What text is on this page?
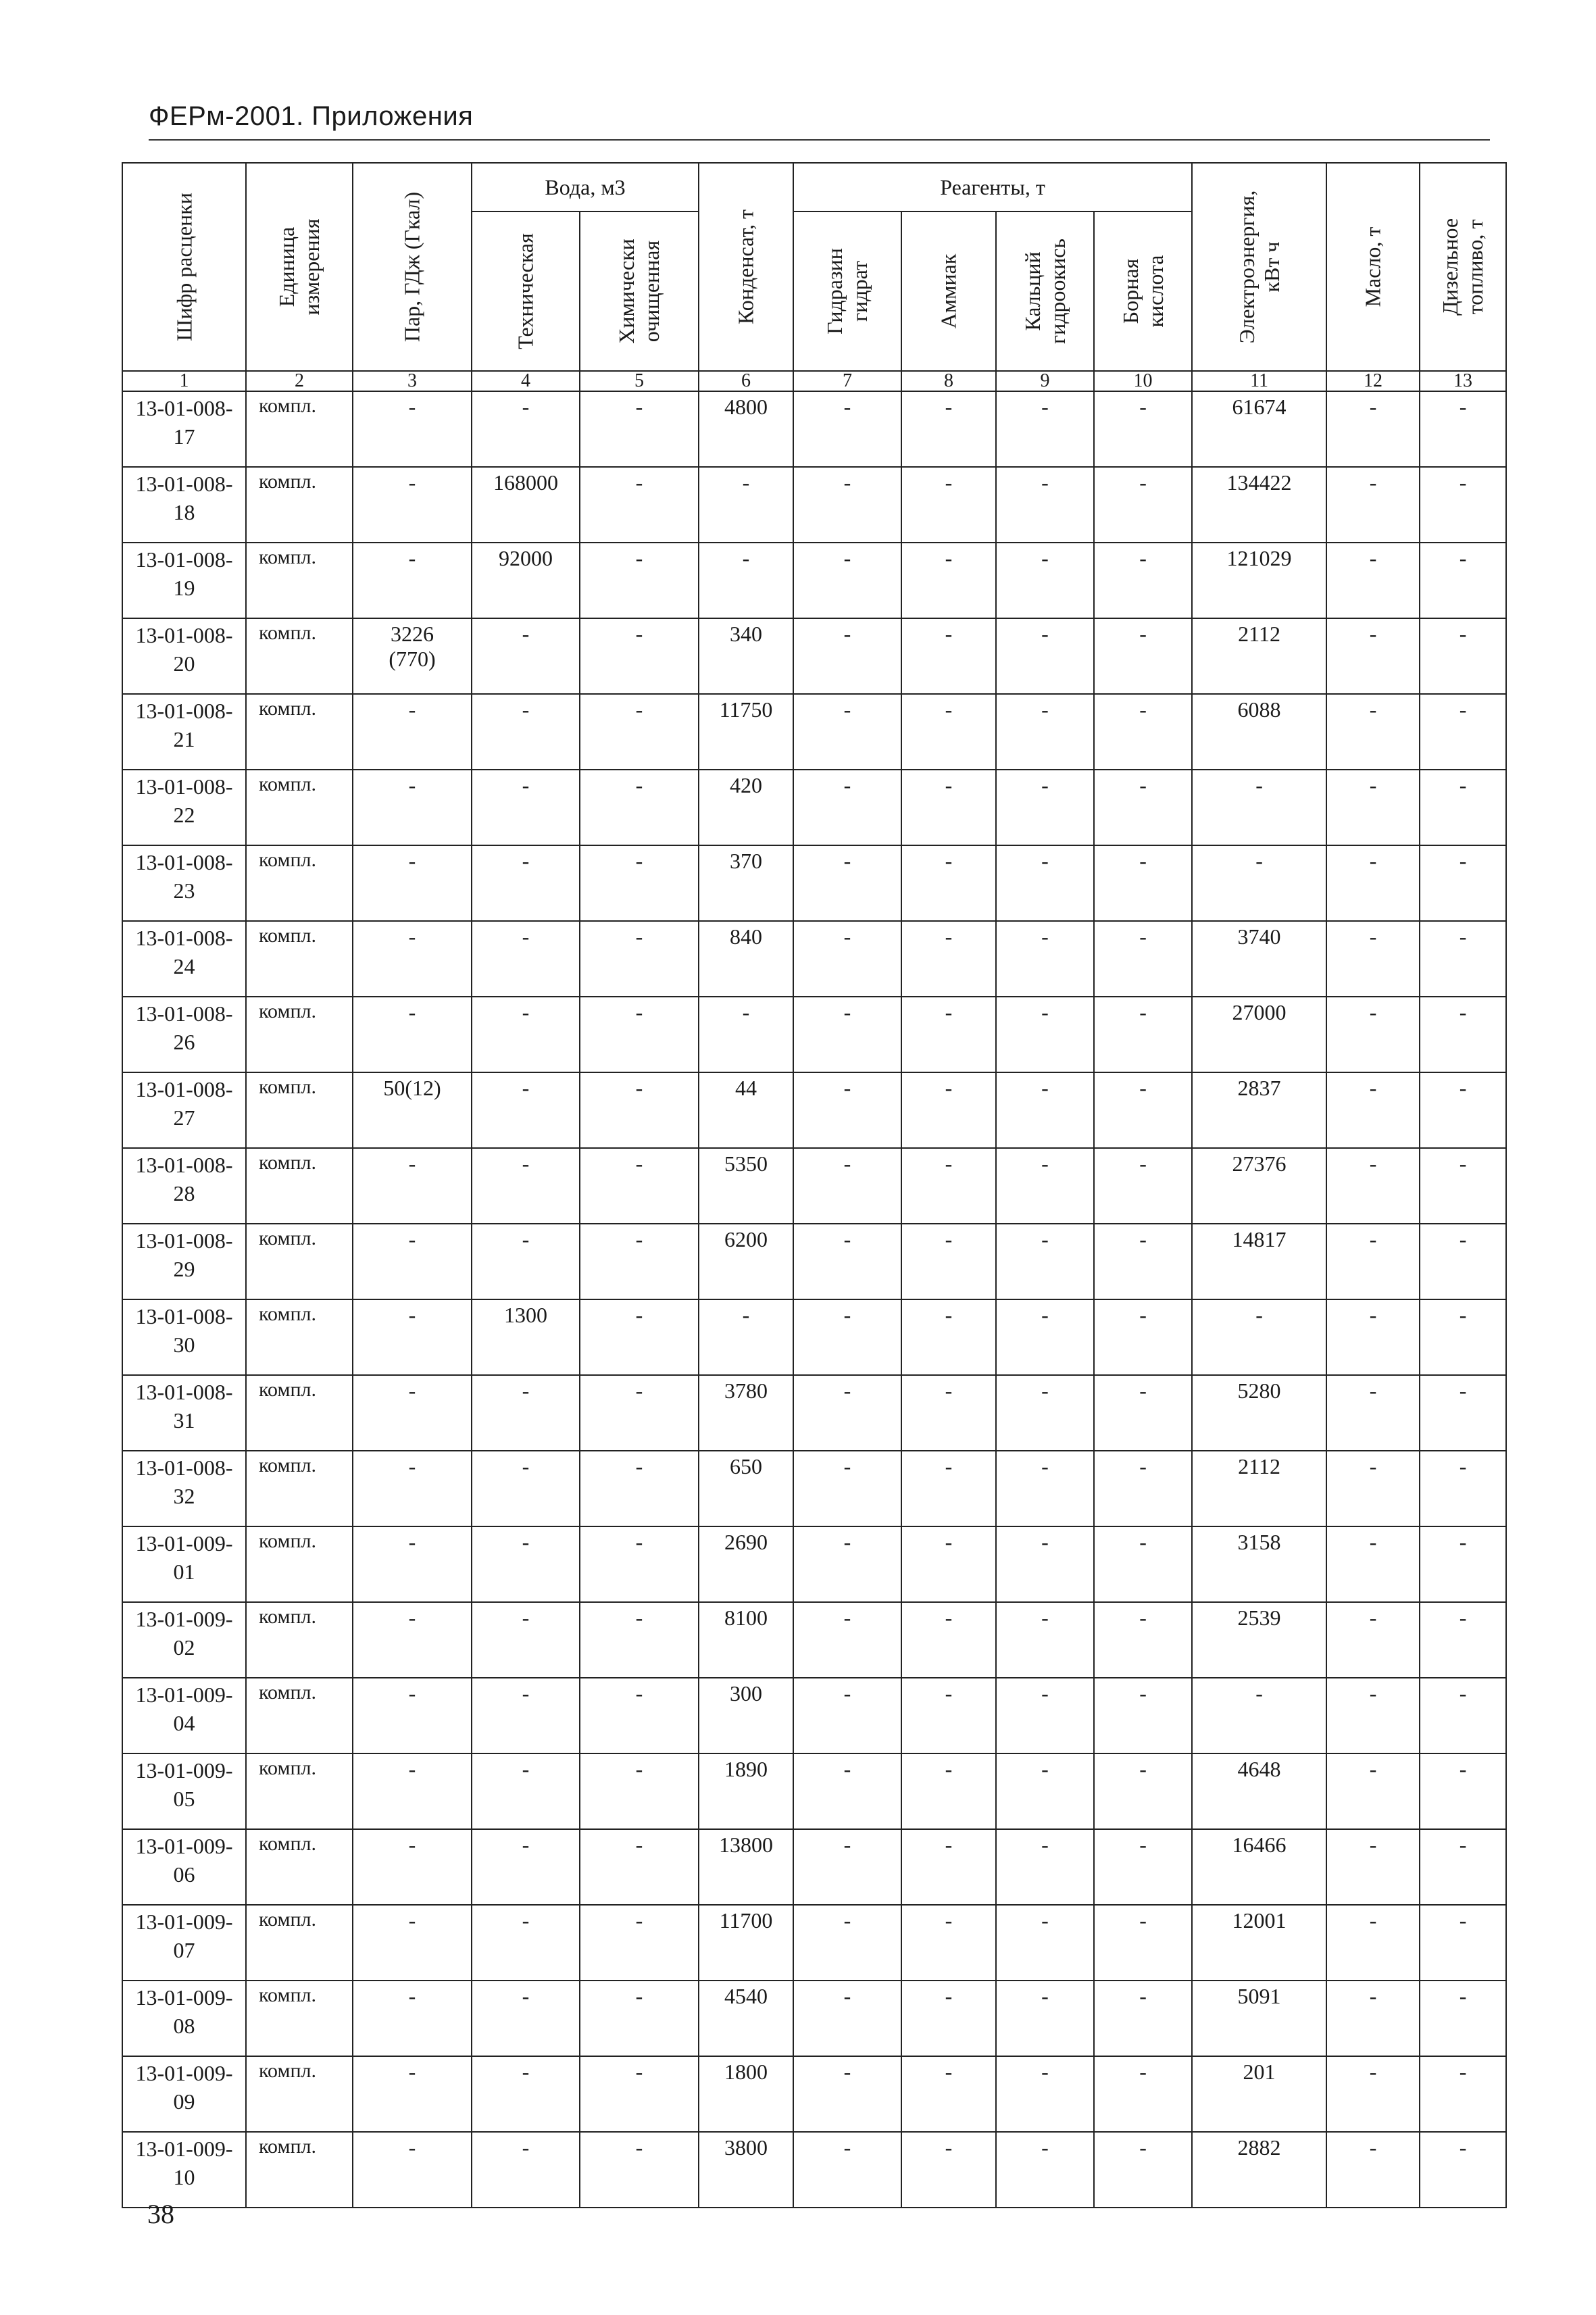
ФЕРм-2001. Приложения
Шифр расценки	Единица
измерения	Пар, ГДж (Гкал)	Вода, м3		Конденсат, т	Реагенты, т				Электроэнергия,
кВт ч	Масло, т	Дизельное
топливо, т

			Техническая	Химически
очищенная		Гидразин
гидрат	Аммиак	Кальций
гидроокись	Борная
кислота			

1	2	3	4	5	6	7	8	9	10	11	12	13
13-01-008-17	компл.	-	-	-	4800	-	-	-	-	61674	-	-
13-01-008-18	компл.	-	168000	-	-	-	-	-	-	134422	-	-
13-01-008-19	компл.	-	92000	-	-	-	-	-	-	121029	-	-
13-01-008-20	компл.	3226
(770)	-	-	340	-	-	-	-	2112	-	-
13-01-008-21	компл.	-	-	-	11750	-	-	-	-	6088	-	-
13-01-008-22	компл.	-	-	-	420	-	-	-	-	-	-	-
13-01-008-23	компл.	-	-	-	370	-	-	-	-	-	-	-
13-01-008-24	компл.	-	-	-	840	-	-	-	-	3740	-	-
13-01-008-26	компл.	-	-	-	-	-	-	-	-	27000	-	-
13-01-008-27	компл.	50(12)	-	-	44	-	-	-	-	2837	-	-
13-01-008-28	компл.	-	-	-	5350	-	-	-	-	27376	-	-
13-01-008-29	компл.	-	-	-	6200	-	-	-	-	14817	-	-
13-01-008-30	компл.	-	1300	-	-	-	-	-	-	-	-	-
13-01-008-31	компл.	-	-	-	3780	-	-	-	-	5280	-	-
13-01-008-32	компл.	-	-	-	650	-	-	-	-	2112	-	-
13-01-009-01	компл.	-	-	-	2690	-	-	-	-	3158	-	-
13-01-009-02	компл.	-	-	-	8100	-	-	-	-	2539	-	-
13-01-009-04	компл.	-	-	-	300	-	-	-	-	-	-	-
13-01-009-05	компл.	-	-	-	1890	-	-	-	-	4648	-	-
13-01-009-06	компл.	-	-	-	13800	-	-	-	-	16466	-	-
13-01-009-07	компл.	-	-	-	11700	-	-	-	-	12001	-	-
13-01-009-08	компл.	-	-	-	4540	-	-	-	-	5091	-	-
13-01-009-09	компл.	-	-	-	1800	-	-	-	-	201	-	-
13-01-009-10	компл.	-	-	-	3800	-	-	-	-	2882	-	-
38
